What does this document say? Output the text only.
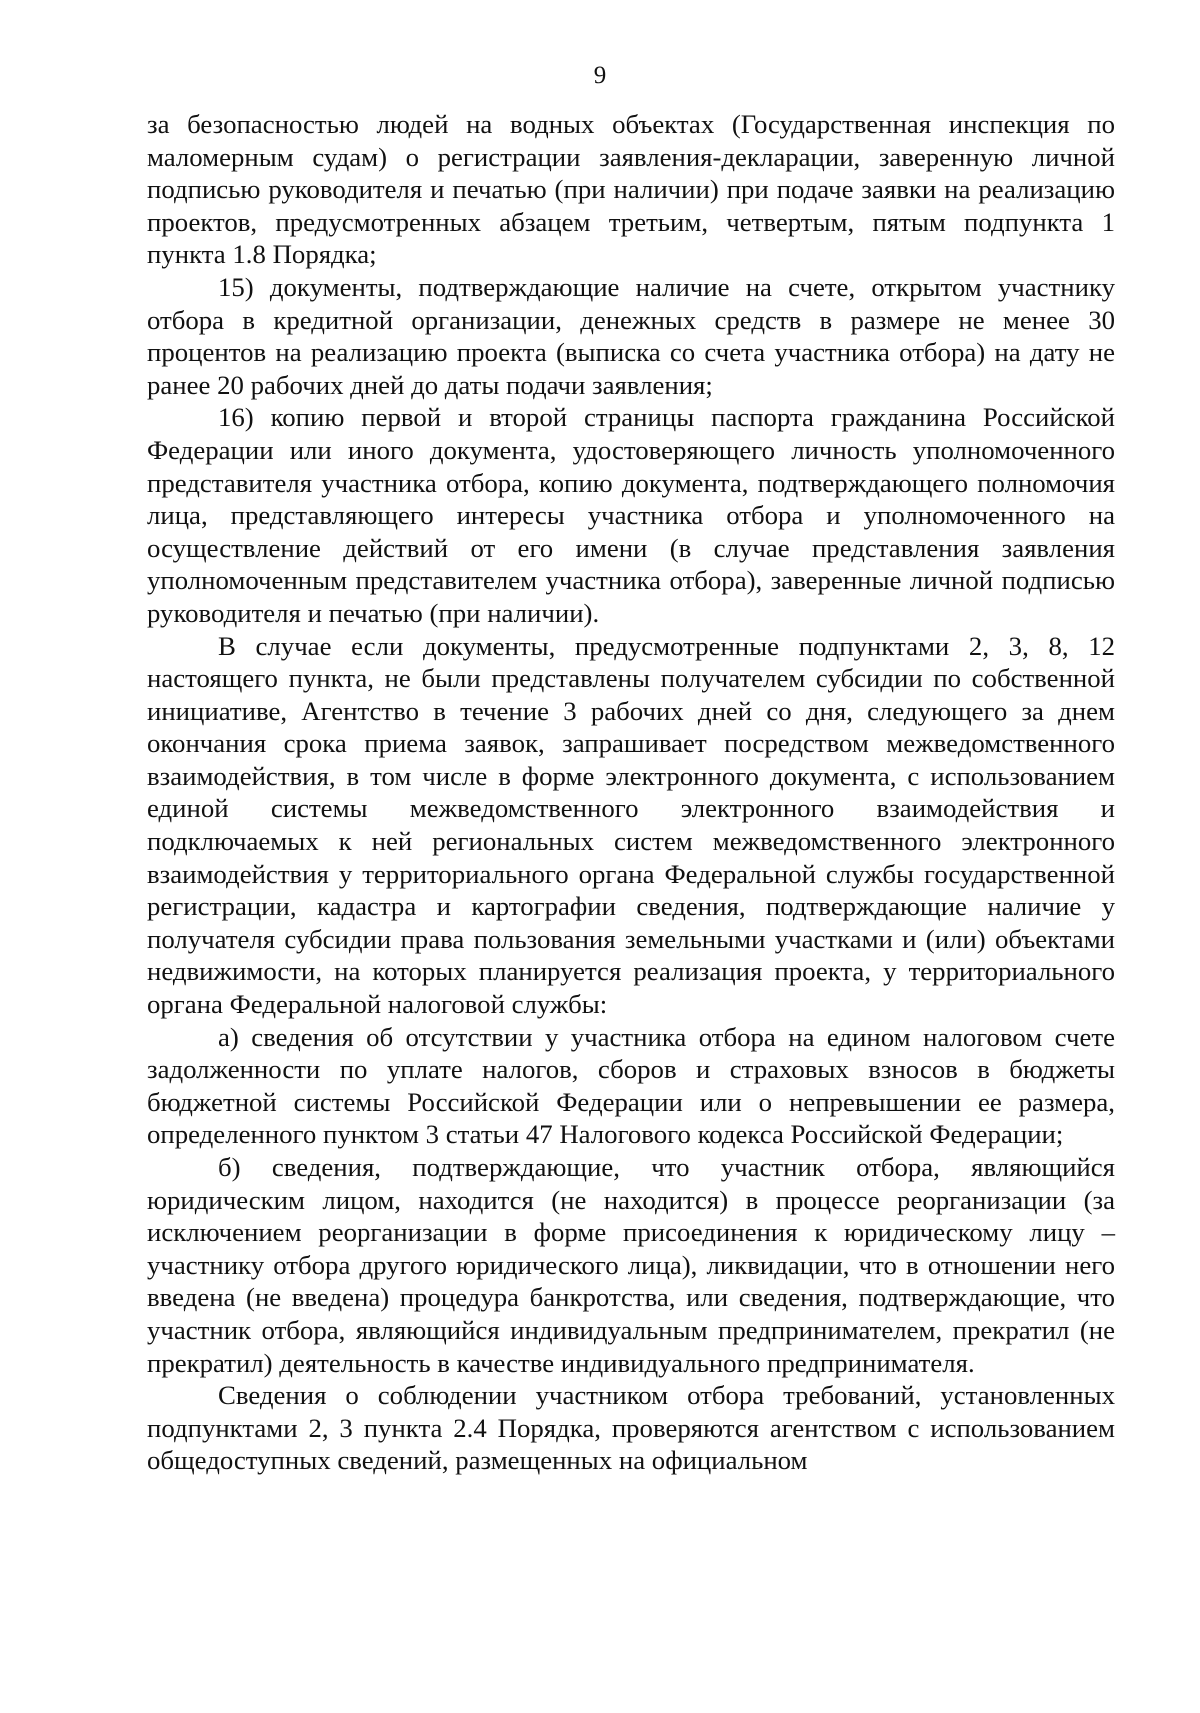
9

за безопасностью людей на водных объектах (Государственная инспекция по маломерным судам) о регистрации заявления-декларации, заверенную личной подписью руководителя и печатью (при наличии) при подаче заявки на реализацию проектов, предусмотренных абзацем третьим, четвертым, пятым подпункта 1 пункта 1.8 Порядка;

15) документы, подтверждающие наличие на счете, открытом участнику отбора в кредитной организации, денежных средств в размере не менее 30 процентов на реализацию проекта (выписка со счета участника отбора) на дату не ранее 20 рабочих дней до даты подачи заявления;

16) копию первой и второй страницы паспорта гражданина Российской Федерации или иного документа, удостоверяющего личность уполномоченного представителя участника отбора, копию документа, подтверждающего полномочия лица, представляющего интересы участника отбора и уполномоченного на осуществление действий от его имени (в случае представления заявления уполномоченным представителем участника отбора), заверенные личной подписью руководителя и печатью (при наличии).

В случае если документы, предусмотренные подпунктами 2, 3, 8, 12 настоящего пункта, не были представлены получателем субсидии по собственной инициативе, Агентство в течение 3 рабочих дней со дня, следующего за днем окончания срока приема заявок, запрашивает посредством межведомственного взаимодействия, в том числе в форме электронного документа, с использованием единой системы межведомственного электронного взаимодействия и подключаемых к ней региональных систем межведомственного электронного взаимодействия у территориального органа Федеральной службы государственной регистрации, кадастра и картографии сведения, подтверждающие наличие у получателя субсидии права пользования земельными участками и (или) объектами недвижимости, на которых планируется реализация проекта, у территориального органа Федеральной налоговой службы:

а) сведения об отсутствии у участника отбора на едином налоговом счете задолженности по уплате налогов, сборов и страховых взносов в бюджеты бюджетной системы Российской Федерации или о непревышении ее размера, определенного пунктом 3 статьи 47 Налогового кодекса Российской Федерации;

б) сведения, подтверждающие, что участник отбора, являющийся юридическим лицом, находится (не находится) в процессе реорганизации (за исключением реорганизации в форме присоединения к юридическому лицу – участнику отбора другого юридического лица), ликвидации, что в отношении него введена (не введена) процедура банкротства, или сведения, подтверждающие, что участник отбора, являющийся индивидуальным предпринимателем, прекратил (не прекратил) деятельность в качестве индивидуального предпринимателя.

Сведения о соблюдении участником отбора требований, установленных подпунктами 2, 3 пункта 2.4 Порядка, проверяются агентством с использованием общедоступных сведений, размещенных на официальном
